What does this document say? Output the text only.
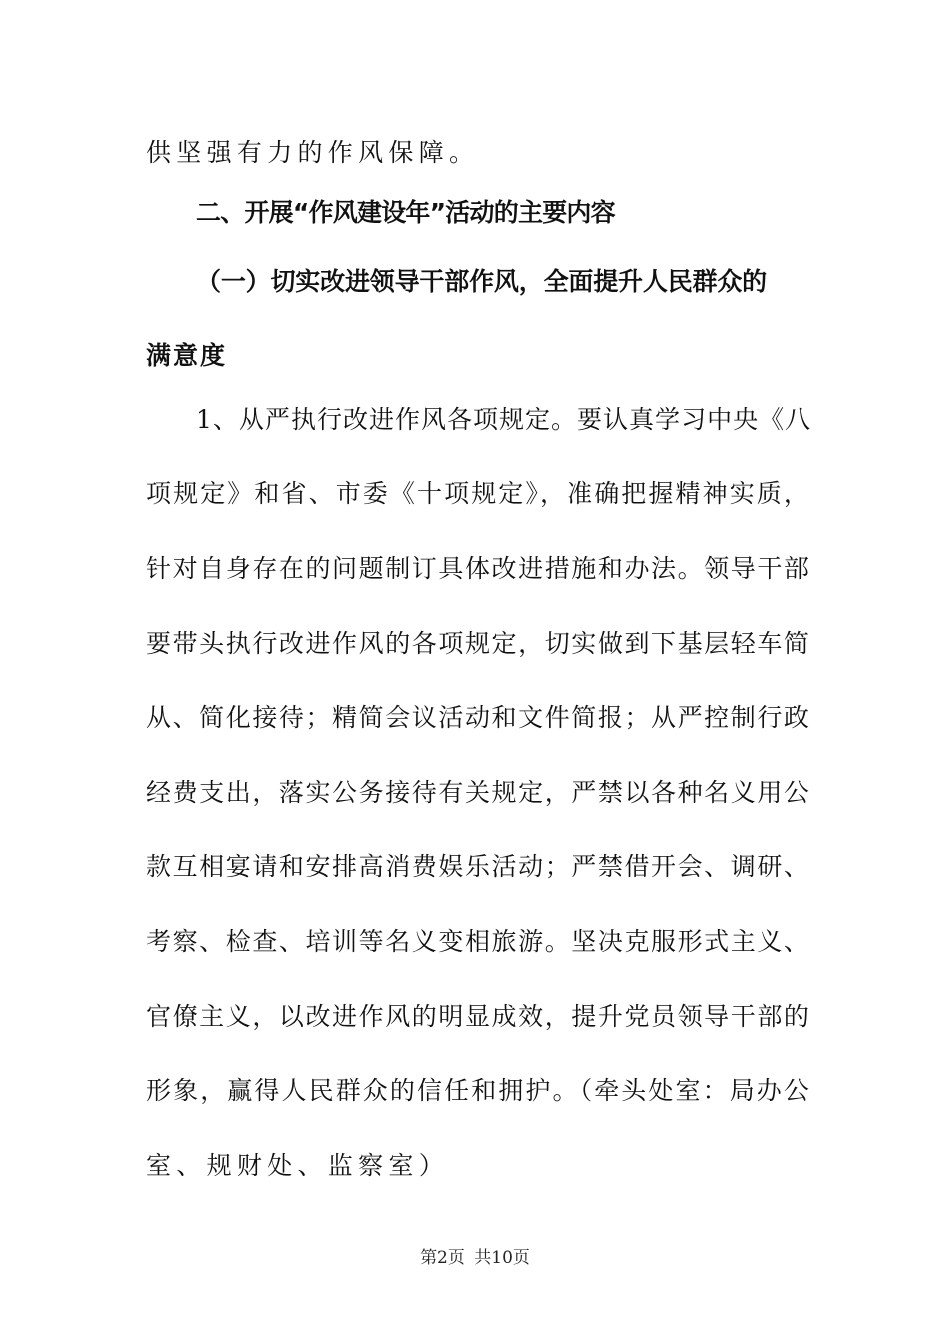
供坚强有力的作风保障。
二、开展“作风建设年”活动的主要内容
（一）切实改进领导干部作风，全面提升人民群众的
满意度
1、从严执行改进作风各项规定。要认真学习中央《八
项规定》和省、市委《十项规定》，准确把握精神实质，
针对自身存在的问题制订具体改进措施和办法。领导干部
要带头执行改进作风的各项规定，切实做到下基层轻车简
从、简化接待；精简会议活动和文件简报；从严控制行政
经费支出，落实公务接待有关规定，严禁以各种名义用公
款互相宴请和安排高消费娱乐活动；严禁借开会、调研、
考察、检查、培训等名义变相旅游。坚决克服形式主义、
官僚主义，以改进作风的明显成效，提升党员领导干部的
形象，赢得人民群众的信任和拥护。（牵头处室：局办公
室、规财处、监察室）
第2页 共10页
